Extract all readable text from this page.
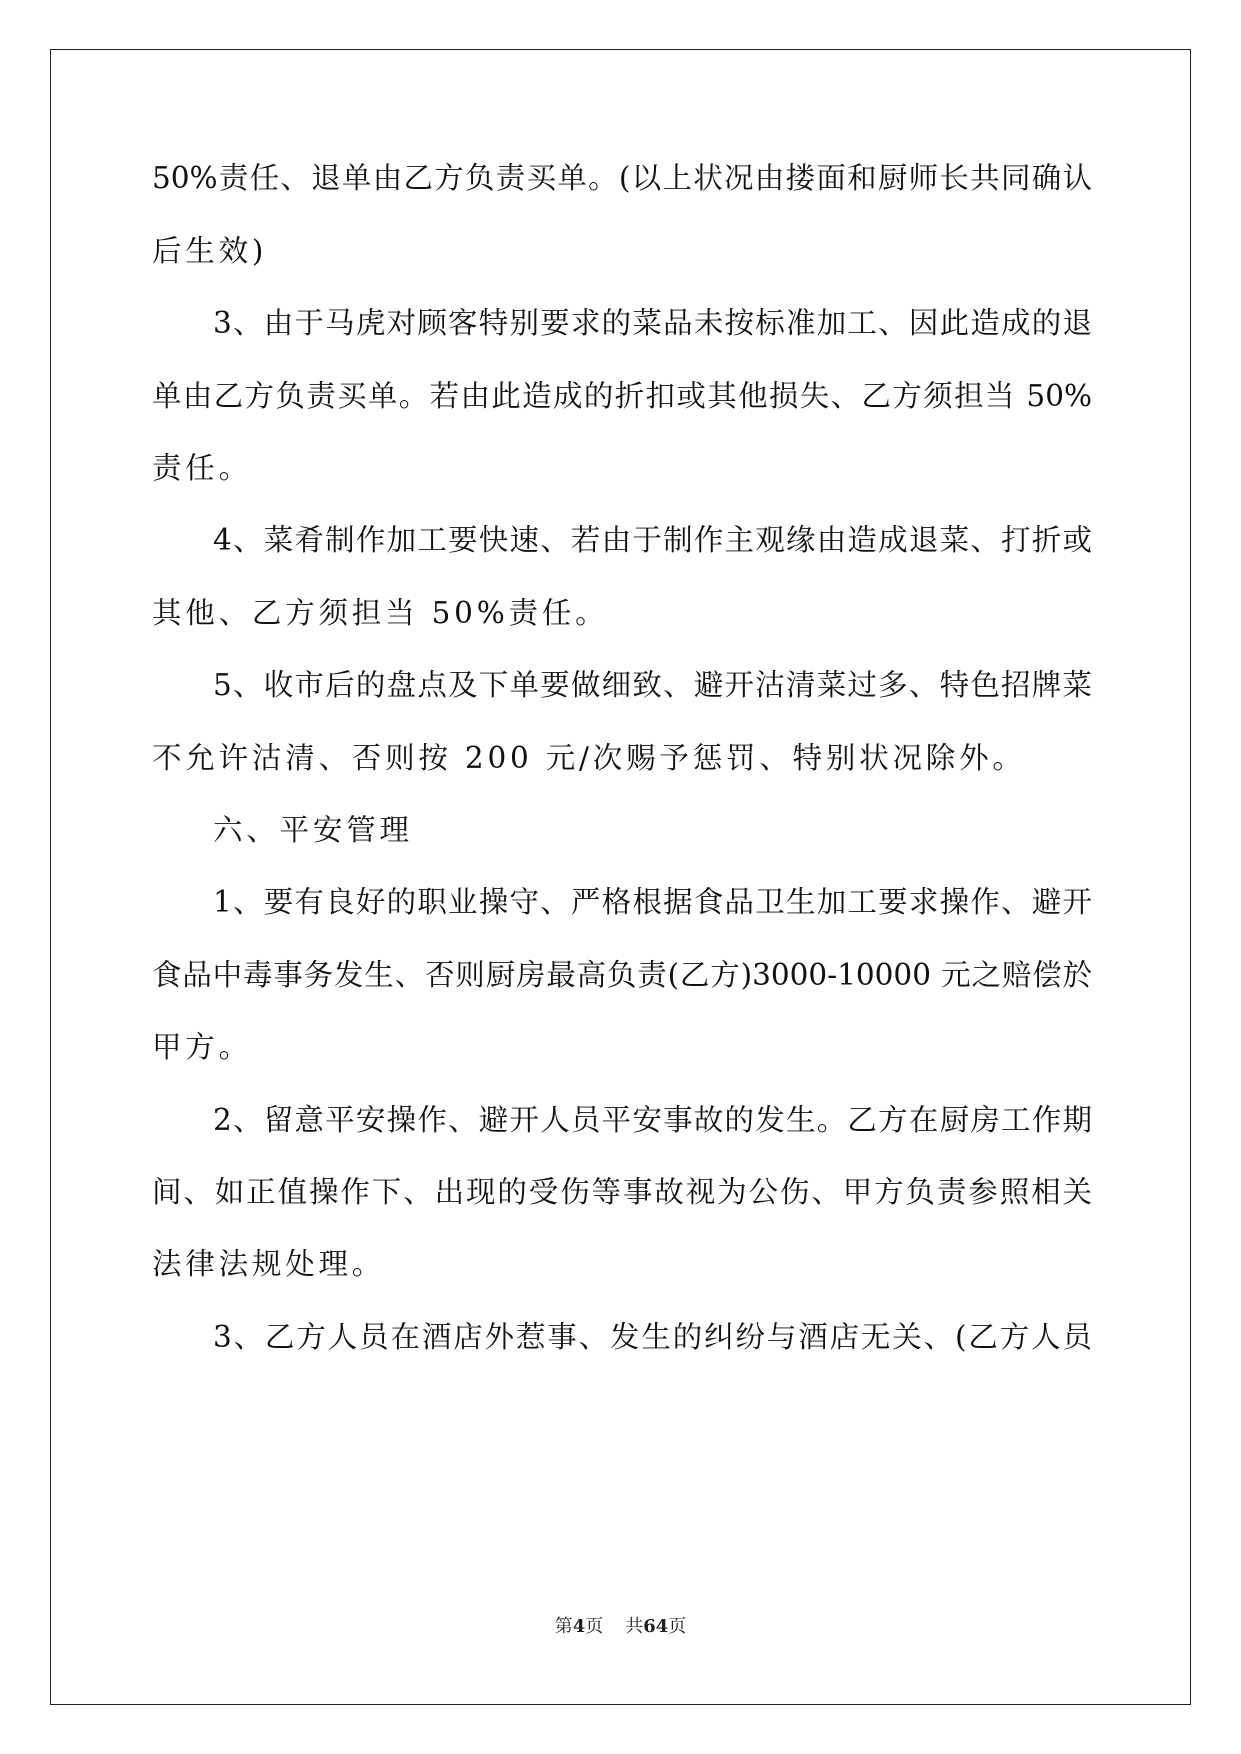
50%责任、退单由乙方负责买单。(以上状况由搂面和厨师长共同确认
后生效)
3、由于马虎对顾客特别要求的菜品未按标准加工、因此造成的退
单由乙方负责买单。若由此造成的折扣或其他损失、乙方须担当 50%
责任。
4、菜肴制作加工要快速、若由于制作主观缘由造成退菜、打折或
其他、乙方须担当 50%责任。
5、收市后的盘点及下单要做细致、避开沽清菜过多、特色招牌菜
不允许沽清、否则按 200 元/次赐予惩罚、特别状况除外。
六、平安管理
1、要有良好的职业操守、严格根据食品卫生加工要求操作、避开
食品中毒事务发生、否则厨房最高负责(乙方)3000-10000 元之赔偿於
甲方。
2、留意平安操作、避开人员平安事故的发生。乙方在厨房工作期
间、如正值操作下、出现的受伤等事故视为公伤、甲方负责参照相关
法律法规处理。
3、乙方人员在酒店外惹事、发生的纠纷与酒店无关、(乙方人员
第4页 共64页
